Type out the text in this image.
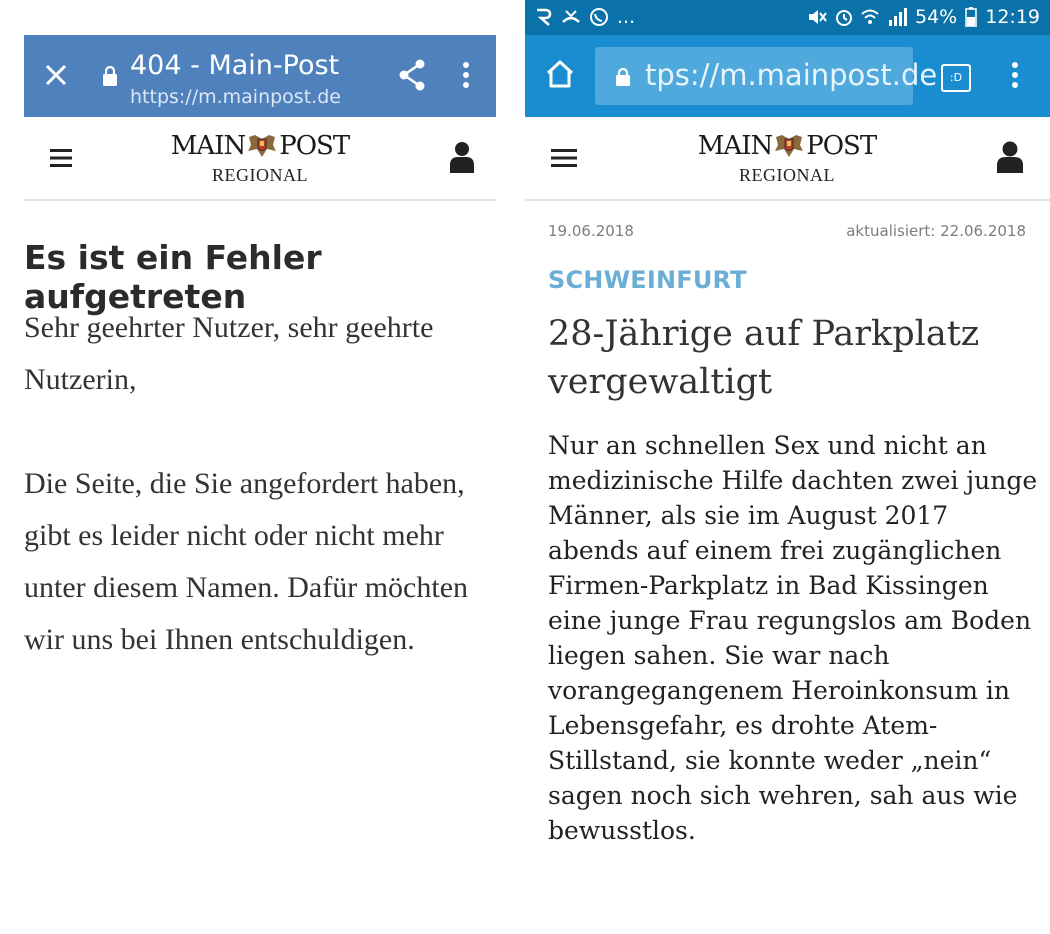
404 - Main-Post
https://m.mainpost.de
MAIN POST
REGIONAL
Es ist ein Fehler aufgetreten

Sehr geehrter Nutzer, sehr geehrte Nutzerin,

Die Seite, die Sie angefordert haben, gibt es leider nicht oder nicht mehr unter diesem Namen. Dafür möchten wir uns bei Ihnen entschuldigen.

...	54% 12:19
tps://m.mainpost.de	:D
MAIN POST
REGIONAL
19.06.2018	aktualisiert: 22.06.2018
SCHWEINFURT
28-Jährige auf Parkplatz vergewaltigt

Nur an schnellen Sex und nicht an medizinische Hilfe dachten zwei junge Männer, als sie im August 2017 abends auf einem frei zugänglichen Firmen-Parkplatz in Bad Kissingen eine junge Frau regungslos am Boden liegen sahen. Sie war nach vorangegangenem Heroinkonsum in Lebensgefahr, es drohte Atem-Stillstand, sie konnte weder „nein“ sagen noch sich wehren, sah aus wie bewusstlos.
